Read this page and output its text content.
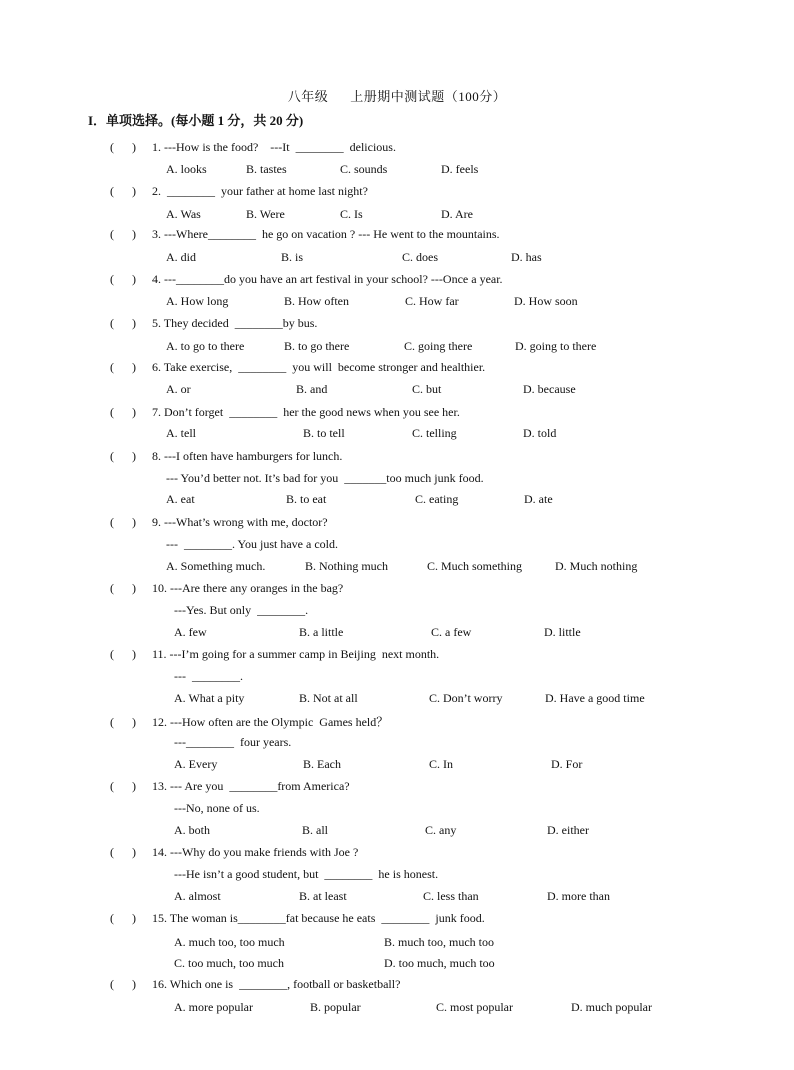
八年级 上册期中测试题（100分）
I．单项选择。(每小题 1 分，共 20 分)
(      ) 1. ---How is the food?    ---It  ________  delicious.
A. looks	B. tastes	C. sounds	D. feels
(      ) 2.  ________  your father at home last night?
A. Was	B. Were	C. Is	D. Are
(      ) 3. ---Where________  he go on vacation ? --- He went to the mountains.
A. did	B. is	C. does	D. has
(      ) 4. ---________do you have an art festival in your school? ---Once a year.
A. How long	B. How often	C. How far	D. How soon
(      ) 5. They decided  ________by bus.
A. to go to there	B. to go there	C. going there	D. going to there
(      ) 6. Take exercise,  ________  you will  become stronger and healthier.
A. or	B. and	C. but	D. because
(      ) 7. Don’t forget  ________  her the good news when you see her.
A. tell	B. to tell	C. telling	D. told
(      ) 8. ---I often have hamburgers for lunch.
--- You’d better not. It’s bad for you  _______too much junk food.
A. eat	B. to eat	C. eating	D. ate
(      ) 9. ---What’s wrong with me, doctor?
---  ________. You just have a cold.
A. Something much.	B. Nothing much	C. Much something	D. Much nothing
(      ) 10. ---Are there any oranges in the bag?
---Yes. But only  ________.
A. few	B. a little	C. a few	D. little
(      ) 11. ---I’m going for a summer camp in Beijing  next month.
---  ________.
A. What a pity	B. Not at all	C. Don’t worry	D. Have a good time
(      ) 12. ---How often are the Olympic  Games held？
---________  four years.
A. Every	B. Each	C. In	D. For
(      ) 13. --- Are you  ________from America?
---No, none of us.
A. both	B. all	C. any	D. either
(      ) 14. ---Why do you make friends with Joe ?
---He isn’t a good student, but  ________  he is honest.
A. almost	B. at least	C. less than	D. more than
(      ) 15. The woman is________fat because he eats  ________  junk food.
A. much too, too much	B. much too, much too
C. too much, too much	D. too much, much too
(      ) 16. Which one is  ________, football or basketball?
A. more popular	B. popular	C. most popular	D. much popular
